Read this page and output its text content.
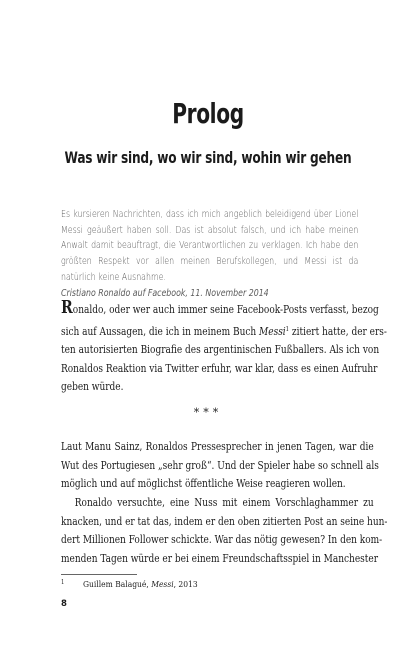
Prolog
Was wir sind, wo wir sind, wohin wir gehen

Es kursieren Nachrichten, dass ich mich angeblich beleidigend über Lionel Messi geäußert haben soll. Das ist absolut falsch, und ich habe meinen Anwalt damit beauftragt, die Verantwortlichen zu verklagen. Ich habe den größten Respekt vor allen meinen Berufskollegen, und Messi ist da natürlich keine Ausnahme.

Cristiano Ronaldo auf Facebook, 11. November 2014

Ronaldo, oder wer auch immer seine Facebook-Posts verfasst, bezog
sich auf Aussagen, die ich in meinem Buch Messi$^1$ zitiert hatte, der ers-
ten autorisierten Biografie des argentinischen Fußballers. Als ich von
Ronaldos Reaktion via Twitter erfuhr, war klar, dass es einen Aufruhr
geben würde.
***
Laut Manu Sainz, Ronaldos Pressesprecher in jenen Tagen, war die
Wut des Portugiesen „sehr groß“. Und der Spieler habe so schnell als
möglich und auf möglichst öffentliche Weise reagieren wollen.
Ronaldo versuchte, eine Nuss mit einem Vorschlaghammer zu
knacken, und er tat das, indem er den oben zitierten Post an seine hun-
dert Millionen Follower schickte. War das nötig gewesen? In den kom-
menden Tagen würde er bei einem Freundschaftsspiel in Manchester
1 Guillem Balagué, Messi, 2013
8
